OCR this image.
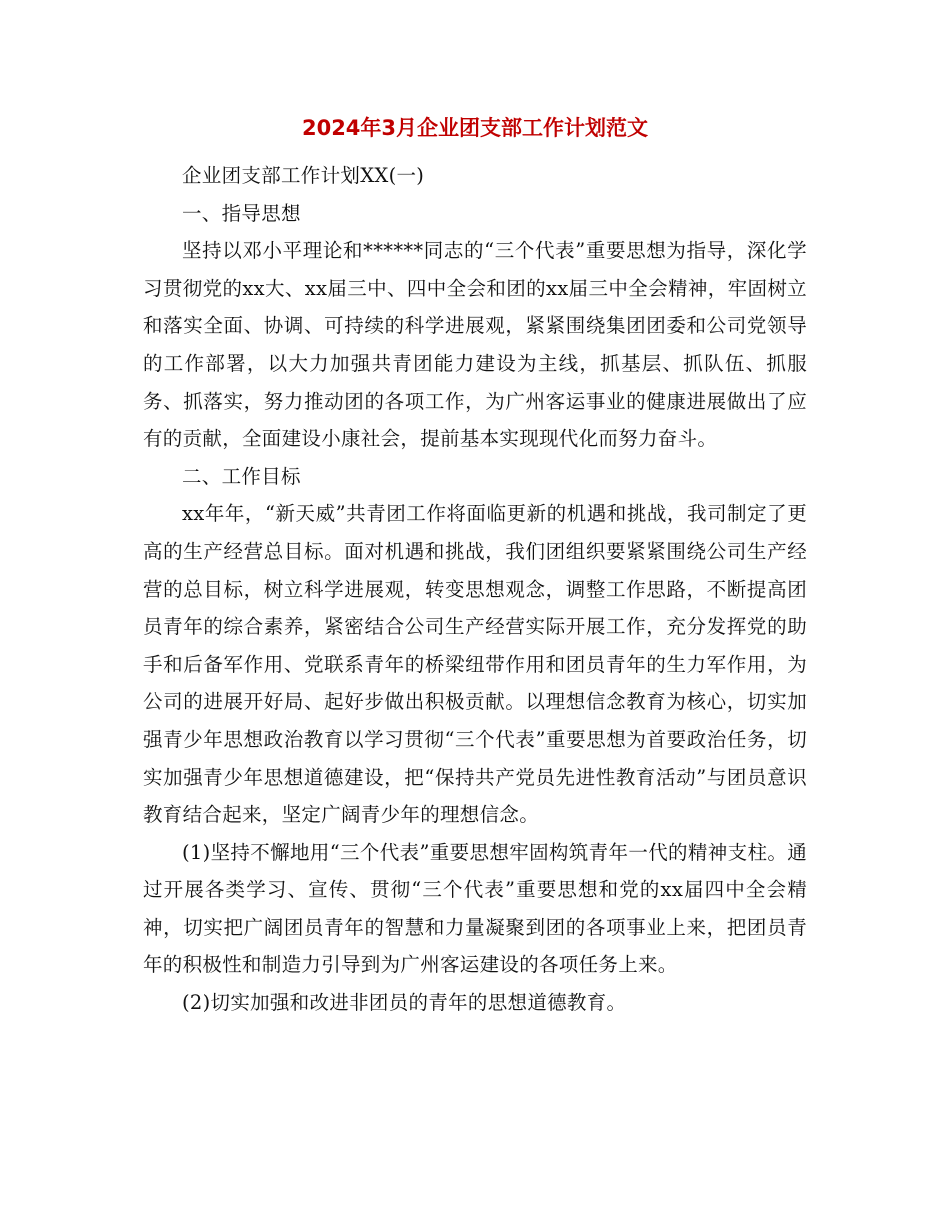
2024年3月企业团支部工作计划范文

企业团支部工作计划XX(一)

一、指导思想

坚持以邓小平理论和******同志的“三个代表”重要思想为指导，深化学习贯彻党的xx大、xx届三中、四中全会和团的xx届三中全会精神，牢固树立和落实全面、协调、可持续的科学进展观，紧紧围绕集团团委和公司党领导的工作部署，以大力加强共青团能力建设为主线，抓基层、抓队伍、抓服务、抓落实，努力推动团的各项工作，为广州客运事业的健康进展做出了应有的贡献，全面建设小康社会，提前基本实现现代化而努力奋斗。

二、工作目标

xx年年，“新天威”共青团工作将面临更新的机遇和挑战，我司制定了更高的生产经营总目标。面对机遇和挑战，我们团组织要紧紧围绕公司生产经营的总目标，树立科学进展观，转变思想观念，调整工作思路，不断提高团员青年的综合素养，紧密结合公司生产经营实际开展工作，充分发挥党的助手和后备军作用、党联系青年的桥梁纽带作用和团员青年的生力军作用，为公司的进展开好局、起好步做出积极贡献。以理想信念教育为核心，切实加强青少年思想政治教育以学习贯彻“三个代表”重要思想为首要政治任务，切实加强青少年思想道德建设，把“保持共产党员先进性教育活动”与团员意识教育结合起来，坚定广阔青少年的理想信念。

(1)坚持不懈地用“三个代表”重要思想牢固构筑青年一代的精神支柱。通过开展各类学习、宣传、贯彻“三个代表”重要思想和党的xx届四中全会精神，切实把广阔团员青年的智慧和力量凝聚到团的各项事业上来，把团员青年的积极性和制造力引导到为广州客运建设的各项任务上来。

(2)切实加强和改进非团员的青年的思想道德教育。
